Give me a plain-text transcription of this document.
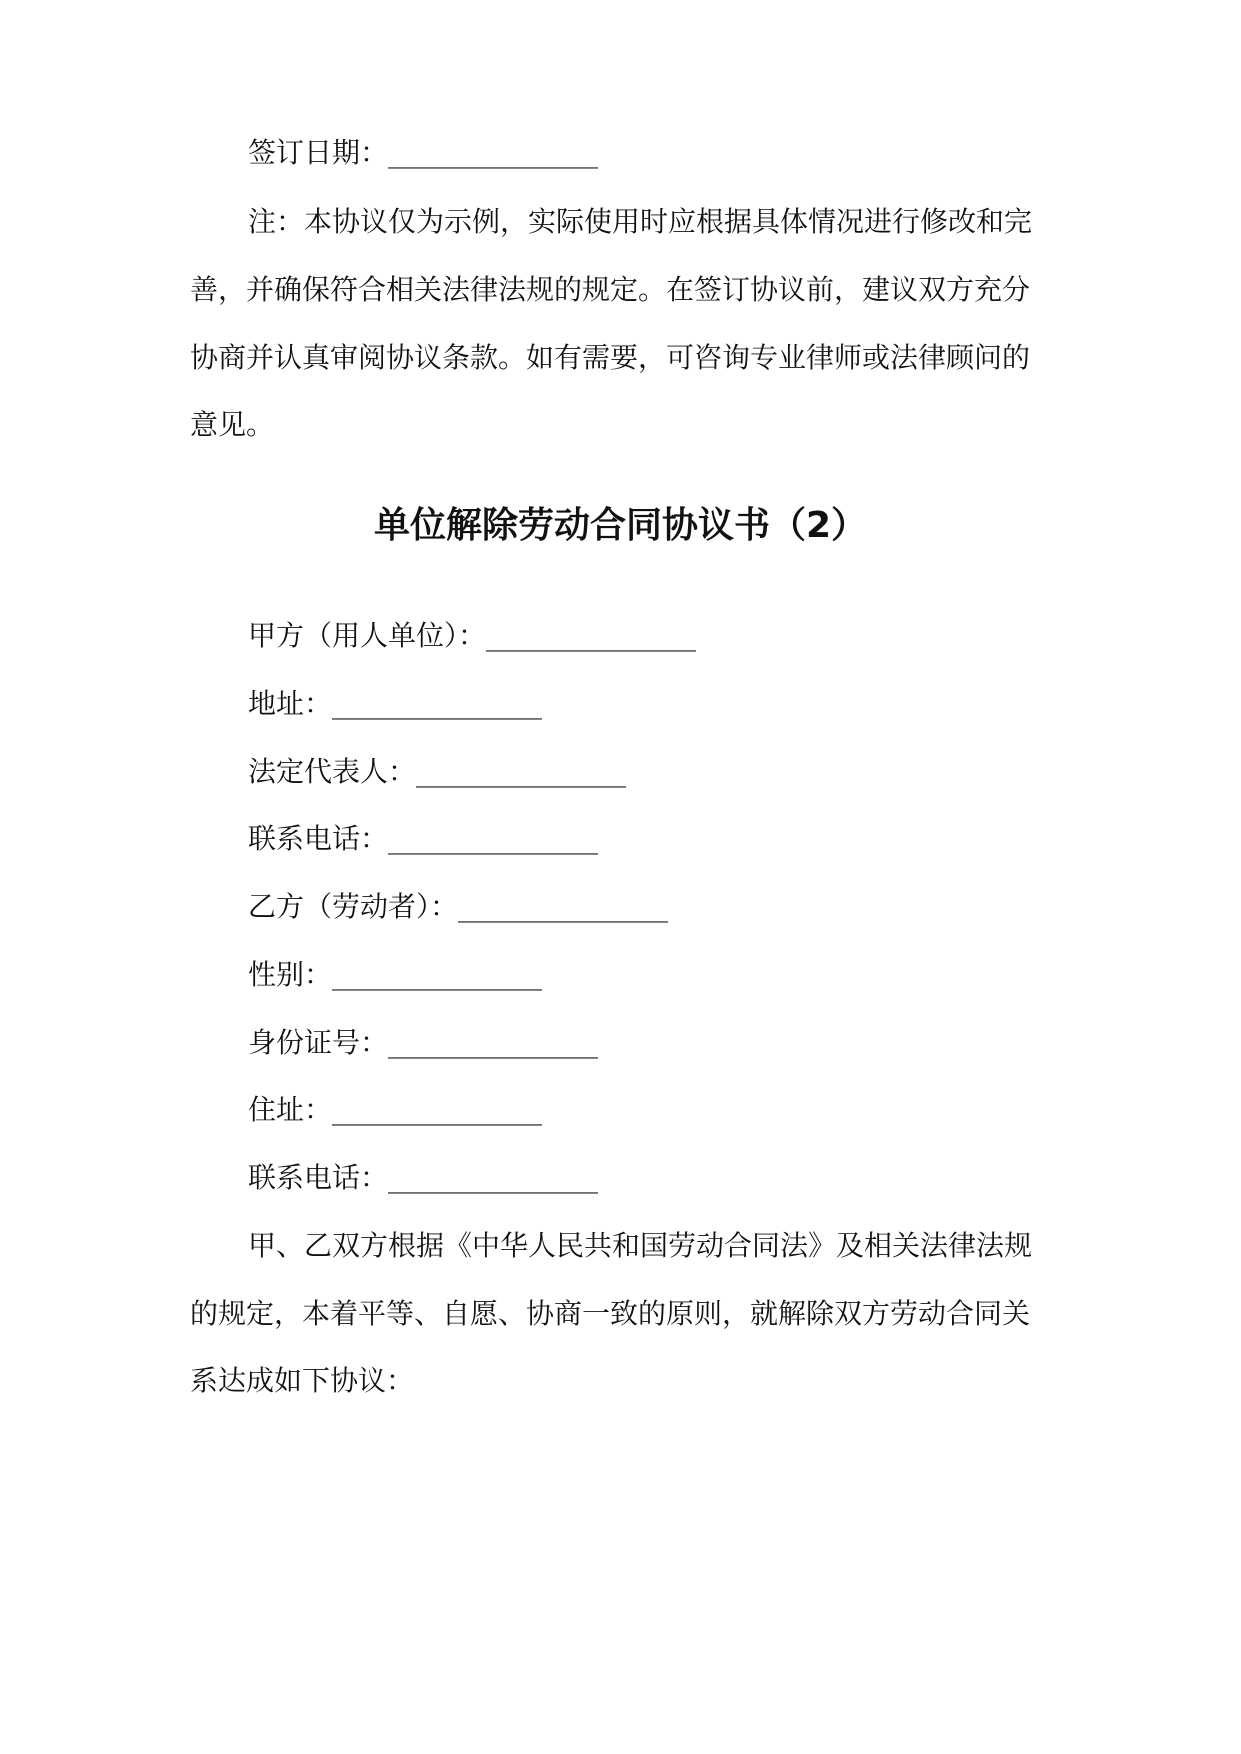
签订日期：_______________
注：本协议仅为示例，实际使用时应根据具体情况进行修改和完
善，并确保符合相关法律法规的规定。在签订协议前，建议双方充分
协商并认真审阅协议条款。如有需要，可咨询专业律师或法律顾问的
意见。
单位解除劳动合同协议书（2）
甲方（用人单位）：_______________
地址：_______________
法定代表人：_______________
联系电话：_______________
乙方（劳动者）：_______________
性别：_______________
身份证号：_______________
住址：_______________
联系电话：_______________
甲、乙双方根据《中华人民共和国劳动合同法》及相关法律法规
的规定，本着平等、自愿、协商一致的原则，就解除双方劳动合同关
系达成如下协议：
